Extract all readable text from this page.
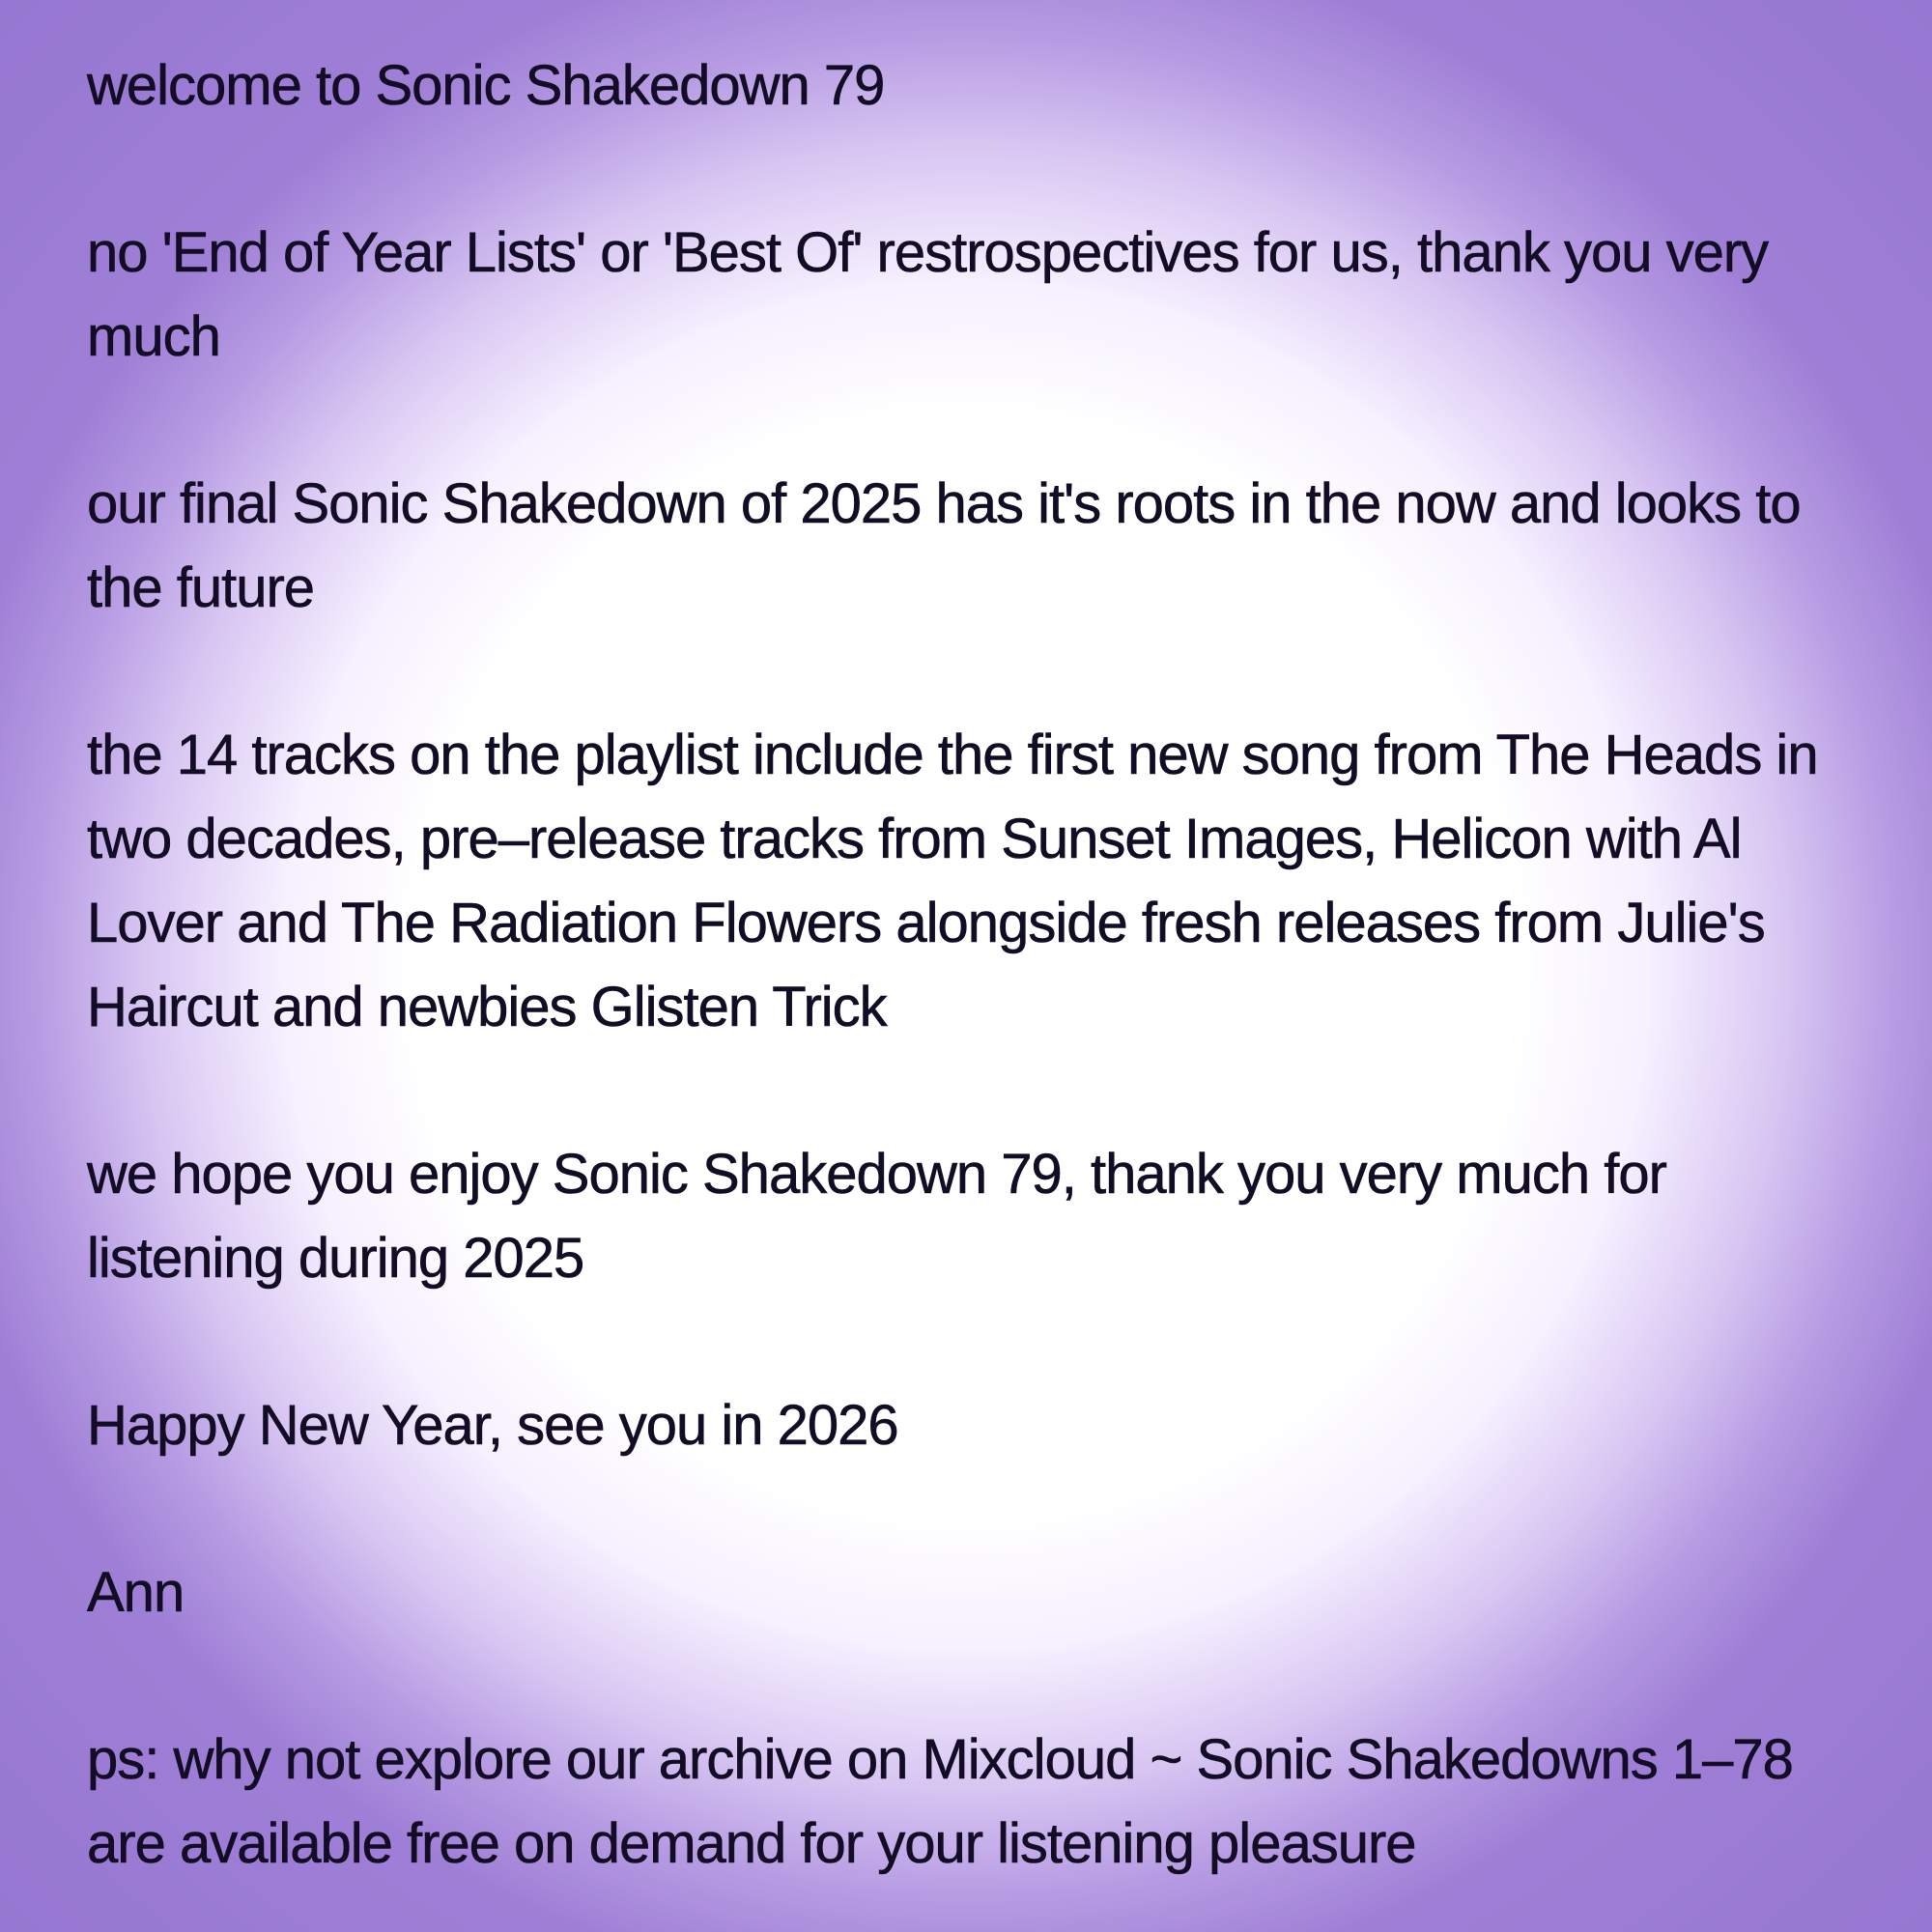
welcome to Sonic Shakedown 79

no 'End of Year Lists' or 'Best Of' restrospectives for us, thank you very much

our final Sonic Shakedown of 2025 has it's roots in the now and looks to the future

the 14 tracks on the playlist include the first new song from The Heads in two decades, pre–release tracks from Sunset Images, Helicon with Al Lover and The Radiation Flowers alongside fresh releases from Julie's Haircut and newbies Glisten Trick

we hope you enjoy Sonic Shakedown 79, thank you very much for listening during 2025

Happy New Year, see you in 2026

Ann

ps: why not explore our archive on Mixcloud ~ Sonic Shakedowns 1–78 are available free on demand for your listening pleasure
